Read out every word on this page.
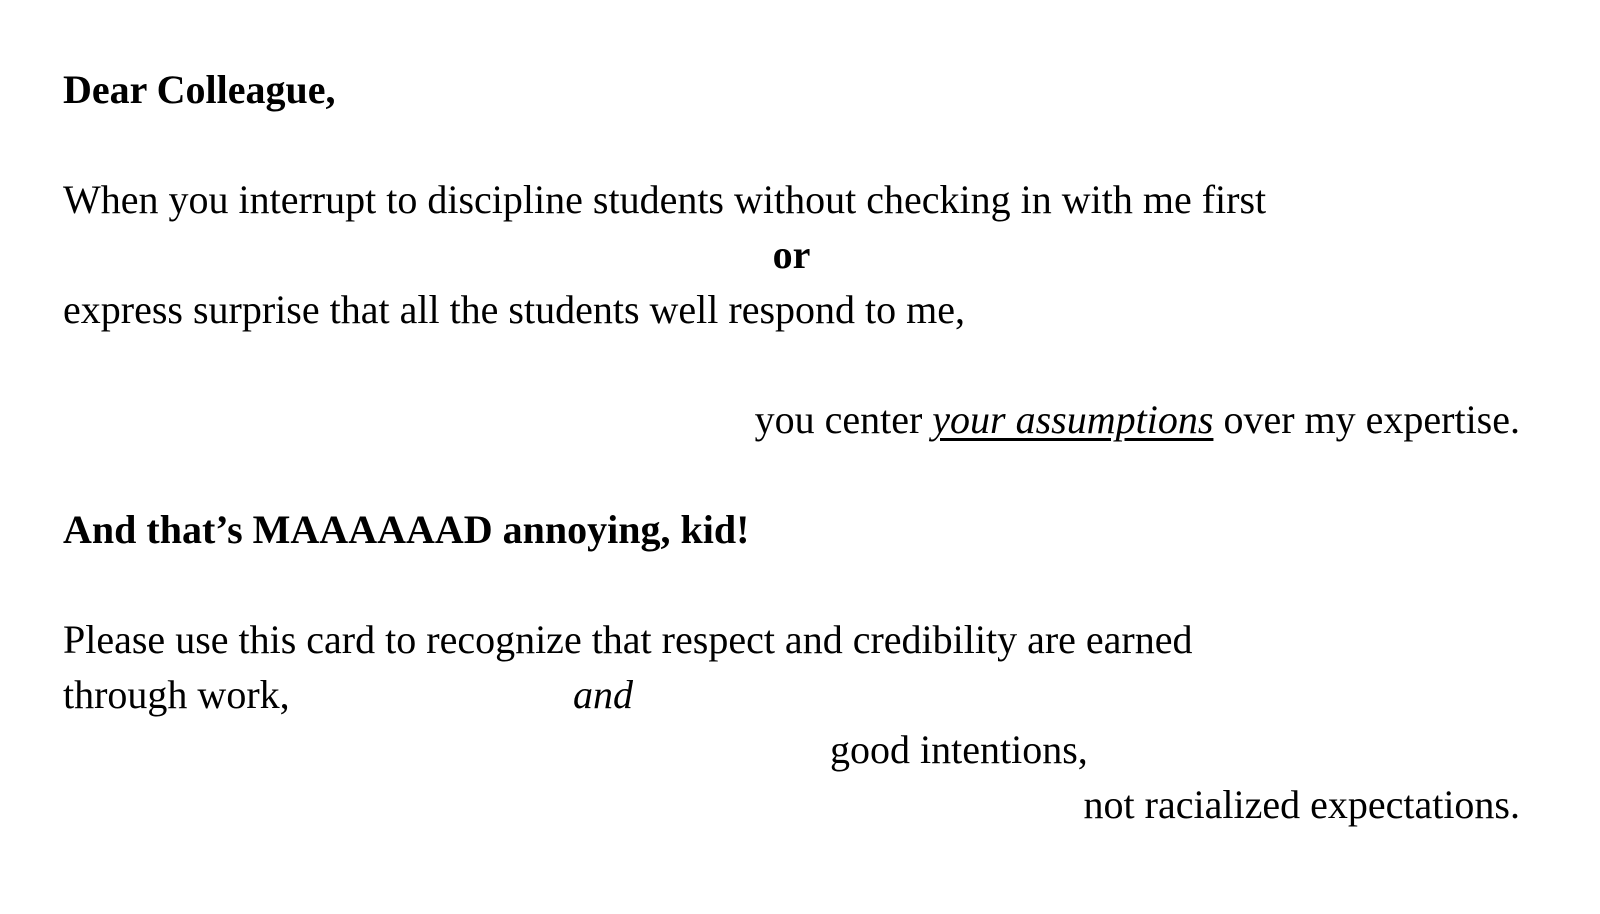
Dear Colleague,
When you interrupt to discipline students without checking in with me first
or
express surprise that all the students well respond to me,
you center your assumptions over my expertise.
And that’s MAAAAAAD annoying, kid!
Please use this card to recognize that respect and credibility are earned
through work,	and
good intentions,
not racialized expectations.
